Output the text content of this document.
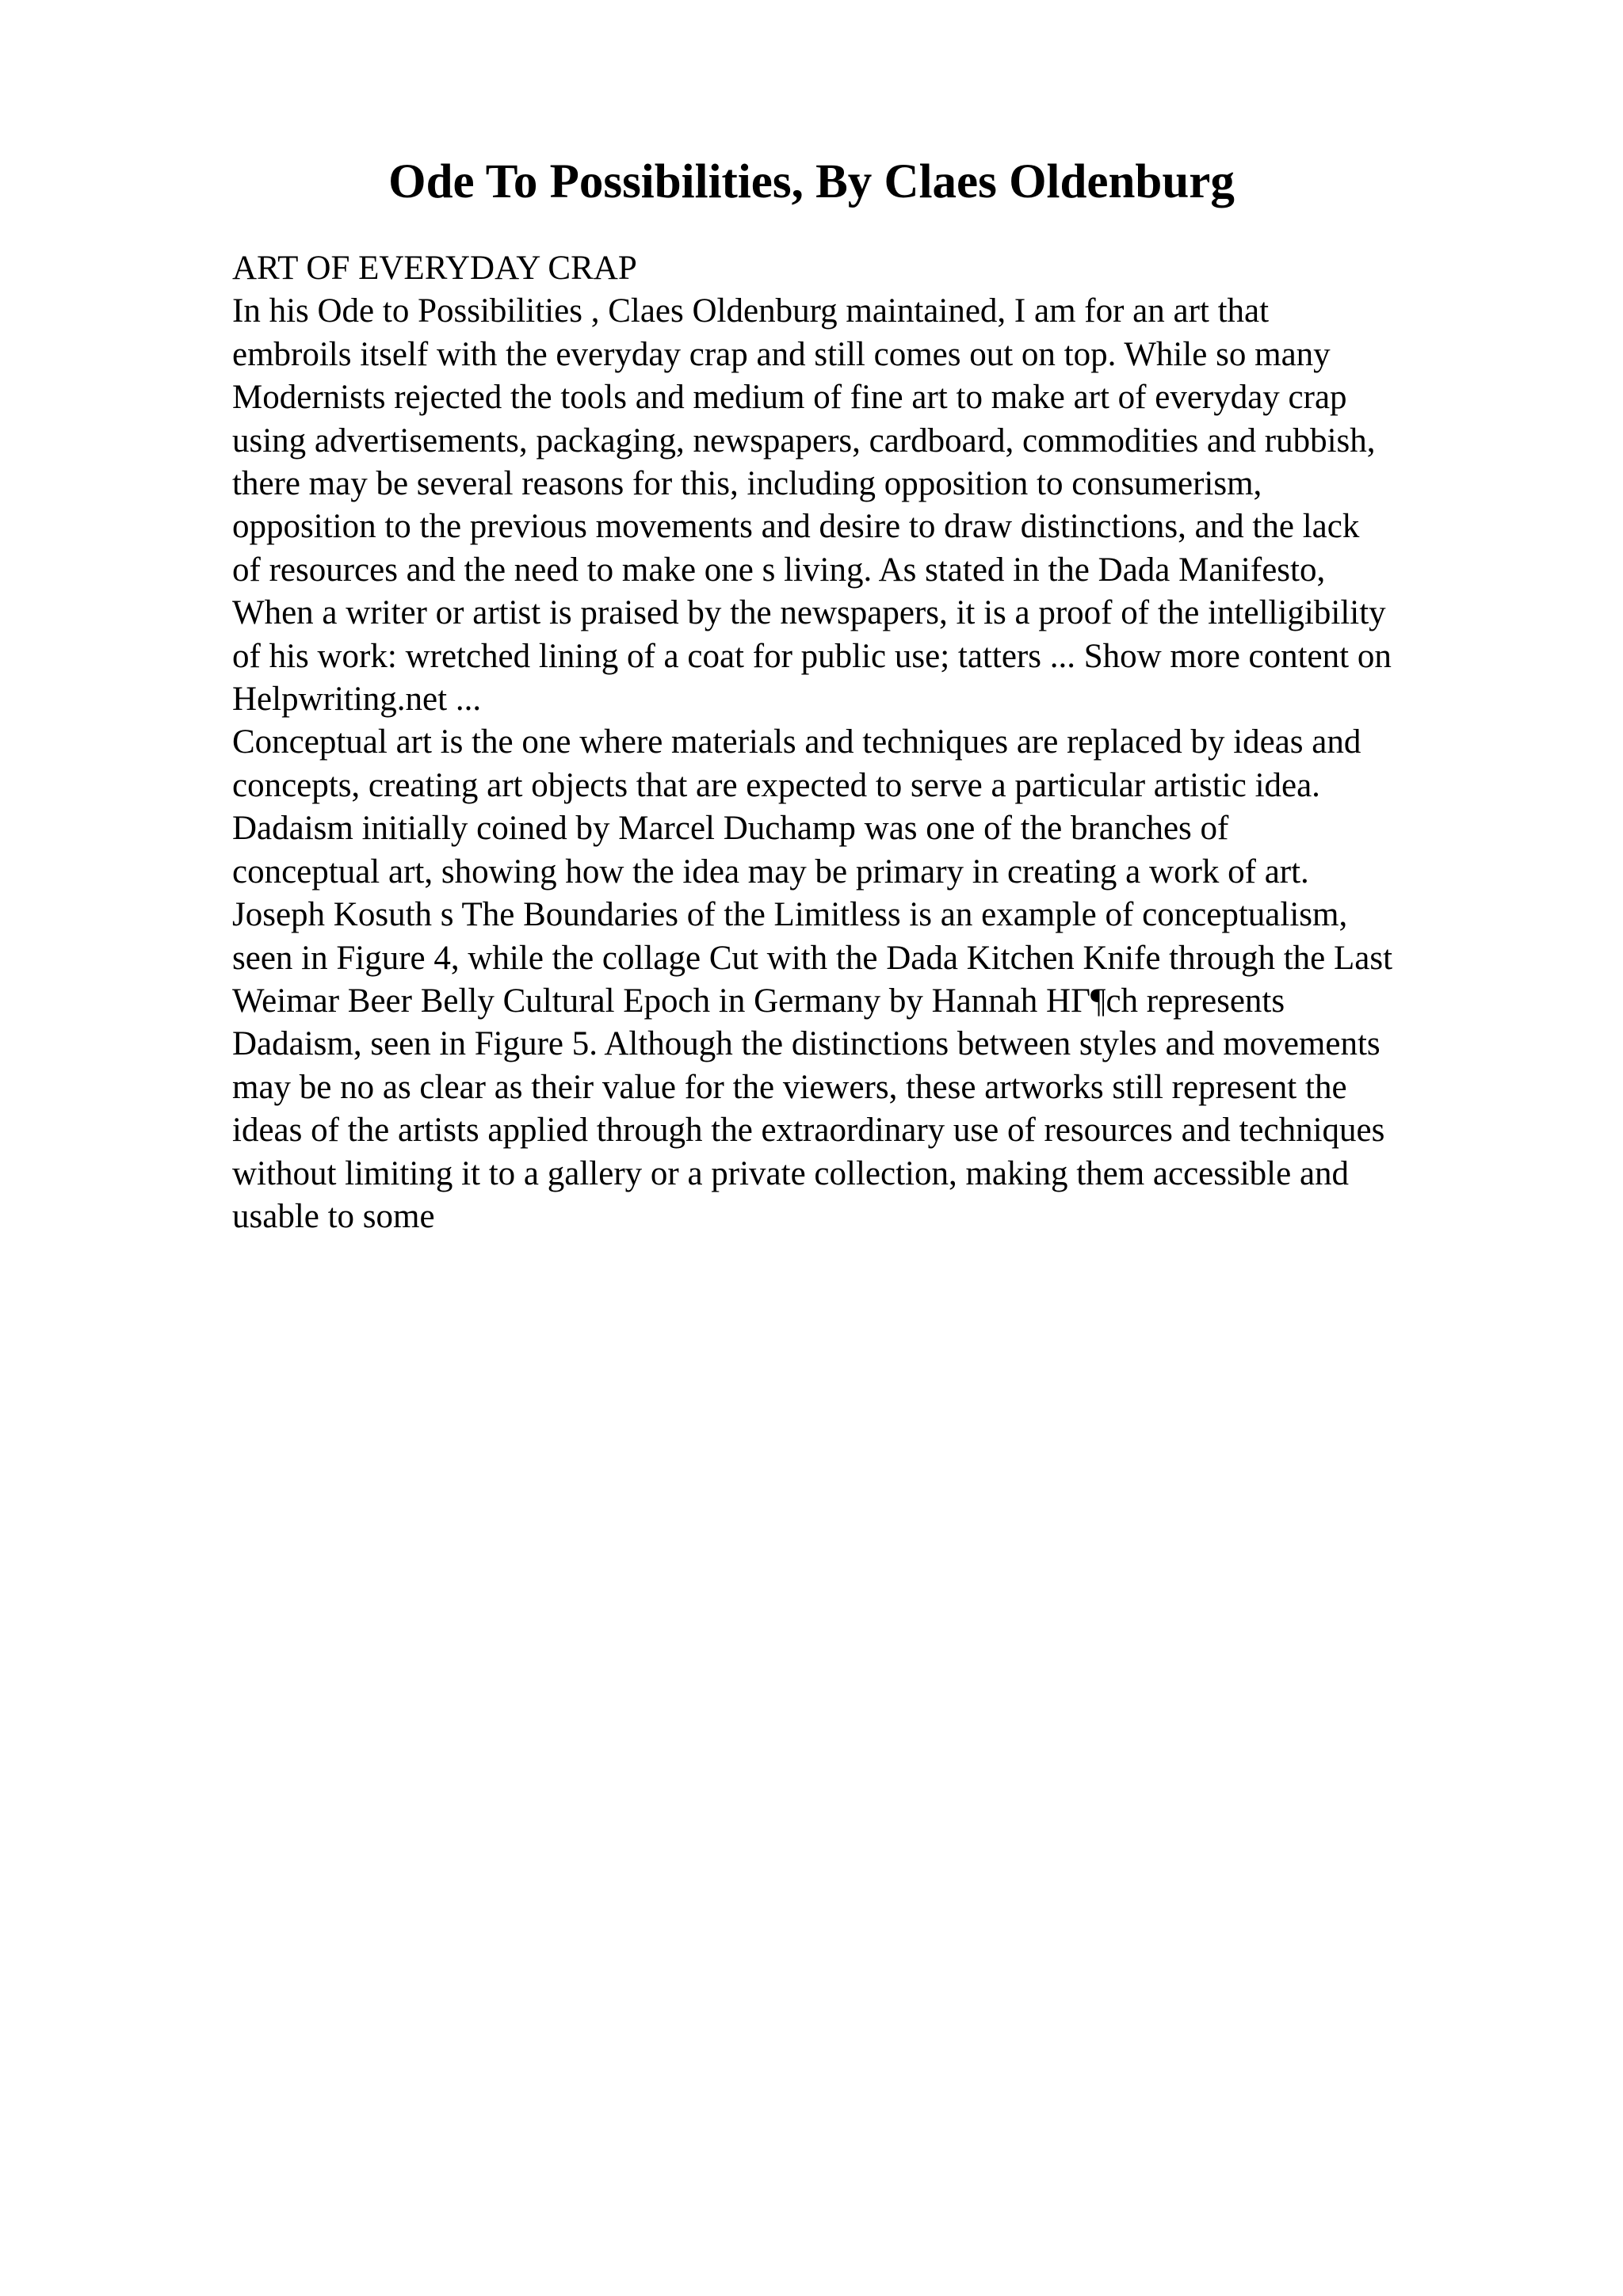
Ode To Possibilities, By Claes Oldenburg
ART OF EVERYDAY CRAP
In his Ode to Possibilities , Claes Oldenburg maintained, I am for an art that
embroils itself with the everyday crap and still comes out on top. While so many
Modernists rejected the tools and medium of fine art to make art of everyday crap
using advertisements, packaging, newspapers, cardboard, commodities and rubbish,
there may be several reasons for this, including opposition to consumerism,
opposition to the previous movements and desire to draw distinctions, and the lack
of resources and the need to make one s living. As stated in the Dada Manifesto,
When a writer or artist is praised by the newspapers, it is a proof of the intelligibility
of his work: wretched lining of a coat for public use; tatters ... Show more content on
Helpwriting.net ...
Conceptual art is the one where materials and techniques are replaced by ideas and
concepts, creating art objects that are expected to serve a particular artistic idea.
Dadaism initially coined by Marcel Duchamp was one of the branches of
conceptual art, showing how the idea may be primary in creating a work of art.
Joseph Kosuth s The Boundaries of the Limitless is an example of conceptualism,
seen in Figure 4, while the collage Cut with the Dada Kitchen Knife through the Last
Weimar Beer Belly Cultural Epoch in Germany by Hannah HГ¶ch represents
Dadaism, seen in Figure 5. Although the distinctions between styles and movements
may be no as clear as their value for the viewers, these artworks still represent the
ideas of the artists applied through the extraordinary use of resources and techniques
without limiting it to a gallery or a private collection, making them accessible and
usable to some
